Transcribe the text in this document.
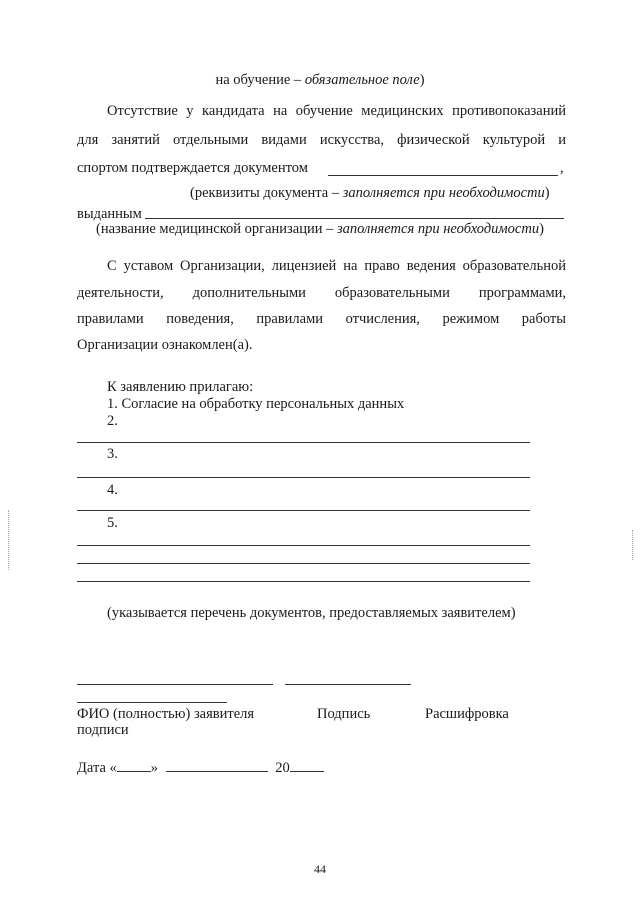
на обучение – обязательное поле)
Отсутствие у кандидата на обучение медицинских противопоказаний
для занятий отдельными видами искусства, физической культурой и
спортом подтверждается документом	,
(реквизиты документа – заполняется при необходимости)
выданным
(название медицинской организации – заполняется при необходимости)
С уставом Организации, лицензией на право ведения образовательной
деятельности, дополнительными образовательными программами,
правилами поведения, правилами отчисления, режимом работы
Организации ознакомлен(а).
К заявлению прилагаю:
1. Согласие на обработку персональных данных
2.
3.
4.
5.
(указывается перечень документов, предоставляемых заявителем)
ФИО (полностью) заявителя	Подпись	Расшифровка
подписи
Дата « »	20
44
